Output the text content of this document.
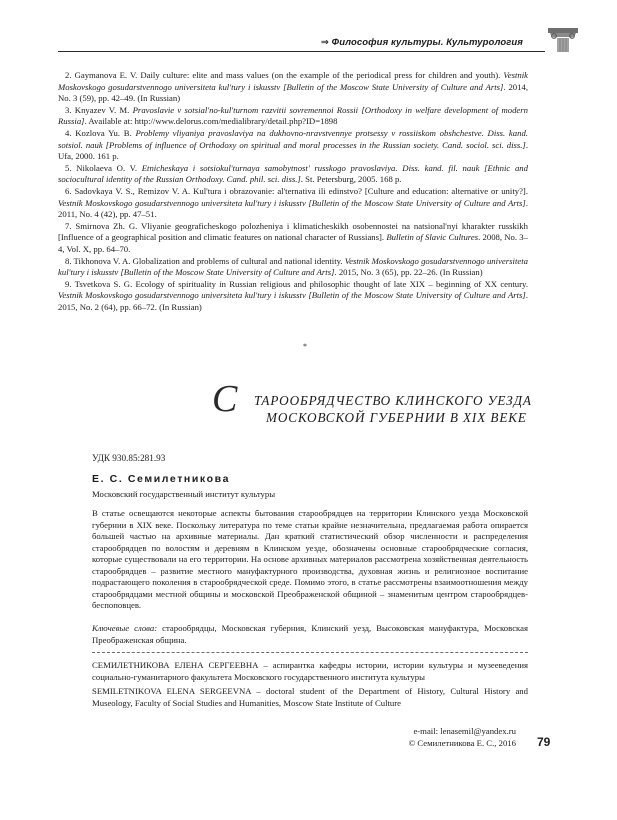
⇒ Философия культуры. Культурология

2. Gaymanova E. V. Daily culture: elite and mass values (on the example of the periodical press for children and youth). Vestnik Moskovskogo gosudarstvennogo universiteta kul'tury i iskusstv [Bulletin of the Moscow State University of Culture and Arts]. 2014, No. 3 (59), pp. 42–49. (In Russian)

3. Knyazev V. M. Pravoslavie v sotsial'no-kul'turnom razvitii sovremennoi Rossii [Orthodoxy in welfare development of modern Russia]. Available at: http://www.delorus.com/medialibrary/detail.php?ID=1898

4. Kozlova Yu. B. Problemy vliyaniya pravoslaviya na dukhovno-nravstvennye protsessy v rossiiskom obshchestve. Diss. kand. sotsiol. nauk [Problems of influence of Orthodoxy on spiritual and moral processes in the Russian society. Cand. sociol. sci. diss.]. Ufa, 2000. 161 p.

5. Nikolaeva O. V. Etnicheskaya i sotsiokul'turnaya samobytnost' russkogo pravoslaviya. Diss. kand. fil. nauk [Ethnic and sociocultural identity of the Russian Orthodoxy. Cand. phil. sci. diss.]. St. Petersburg, 2005. 168 p.

6. Sadovkaya V. S., Remizov V. A. Kul'tura i obrazovanie: al'ternativa ili edinstvo? [Culture and education: alternative or unity?]. Vestnik Moskovskogo gosudarstvennogo universiteta kul'tury i iskusstv [Bulletin of the Moscow State University of Culture and Arts]. 2011, No. 4 (42), pp. 47–51.

7. Smirnova Zh. G. Vliyanie geograficheskogo polozheniya i klimaticheskikh osobennostei na natsional'nyi kharakter russkikh [Influence of a geographical position and climatic features on national character of Russians]. Bulletin of Slavic Cultures. 2008, No. 3–4, Vol. X, pp. 64–70.

8. Tikhonova V. A. Globalization and problems of cultural and national identity. Vestnik Moskovskogo gosudarstvennogo universiteta kul'tury i iskusstv [Bulletin of the Moscow State University of Culture and Arts]. 2015, No. 3 (65), pp. 22–26. (In Russian)

9. Tsvetkova S. G. Ecology of spirituality in Russian religious and philosophic thought of late XIX – beginning of XX century. Vestnik Moskovskogo gosudarstvennogo universiteta kul'tury i iskusstv [Bulletin of the Moscow State University of Culture and Arts]. 2015, No. 2 (64), pp. 66–72. (In Russian)

*
С ТАРООБРЯДЧЕСТВО КЛИНСКОГО УЕЗДА
МОСКОВСКОЙ ГУБЕРНИИ В XIX ВЕКЕ
УДК 930.85:281.93
Е. С. Семилетникова
Московский государственный институт культуры
В статье освещаются некоторые аспекты бытования старообрядцев на территории Клинского уезда Московской губернии в XIX веке. Поскольку литература по теме статьи крайне незначительна, предлагаемая работа опирается большей частью на архивные материалы. Дан краткий статистический обзор численности и распределения старообрядцев по волостям и деревням в Клинском уезде, обозначены основные старообрядческие согласия, которые существовали на его территории. На основе архивных материалов рассмотрена хозяйственная деятельность старообрядцев – развитие местного мануфактурного производства, духовная жизнь и религиозное воспитание подрастающего поколения в старообрядческой среде. Помимо этого, в статье рассмотрены взаимоотношения между старообрядцами местной общины и московской Преображенской общиной – знаменитым центром старообрядцев-беспоповцев.
Ключевые слова: старообрядцы, Московская губерния, Клинский уезд, Высоковская мануфактура, Московская Преображенская община.

СЕМИЛЕТНИКОВА ЕЛЕНА СЕРГЕЕВНА – аспирантка кафедры истории, истории культуры и музееведения социально-гуманитарного факультета Московского государственного института культуры

SEMILETNIKOVA ELENA SERGEEVNA – doctoral student of the Department of History, Cultural History and Museology, Faculty of Social Studies and Humanities, Moscow State Institute of Culture

e-mail: lenasemil@yandex.ru
© Семилетникова Е. С., 2016 79
